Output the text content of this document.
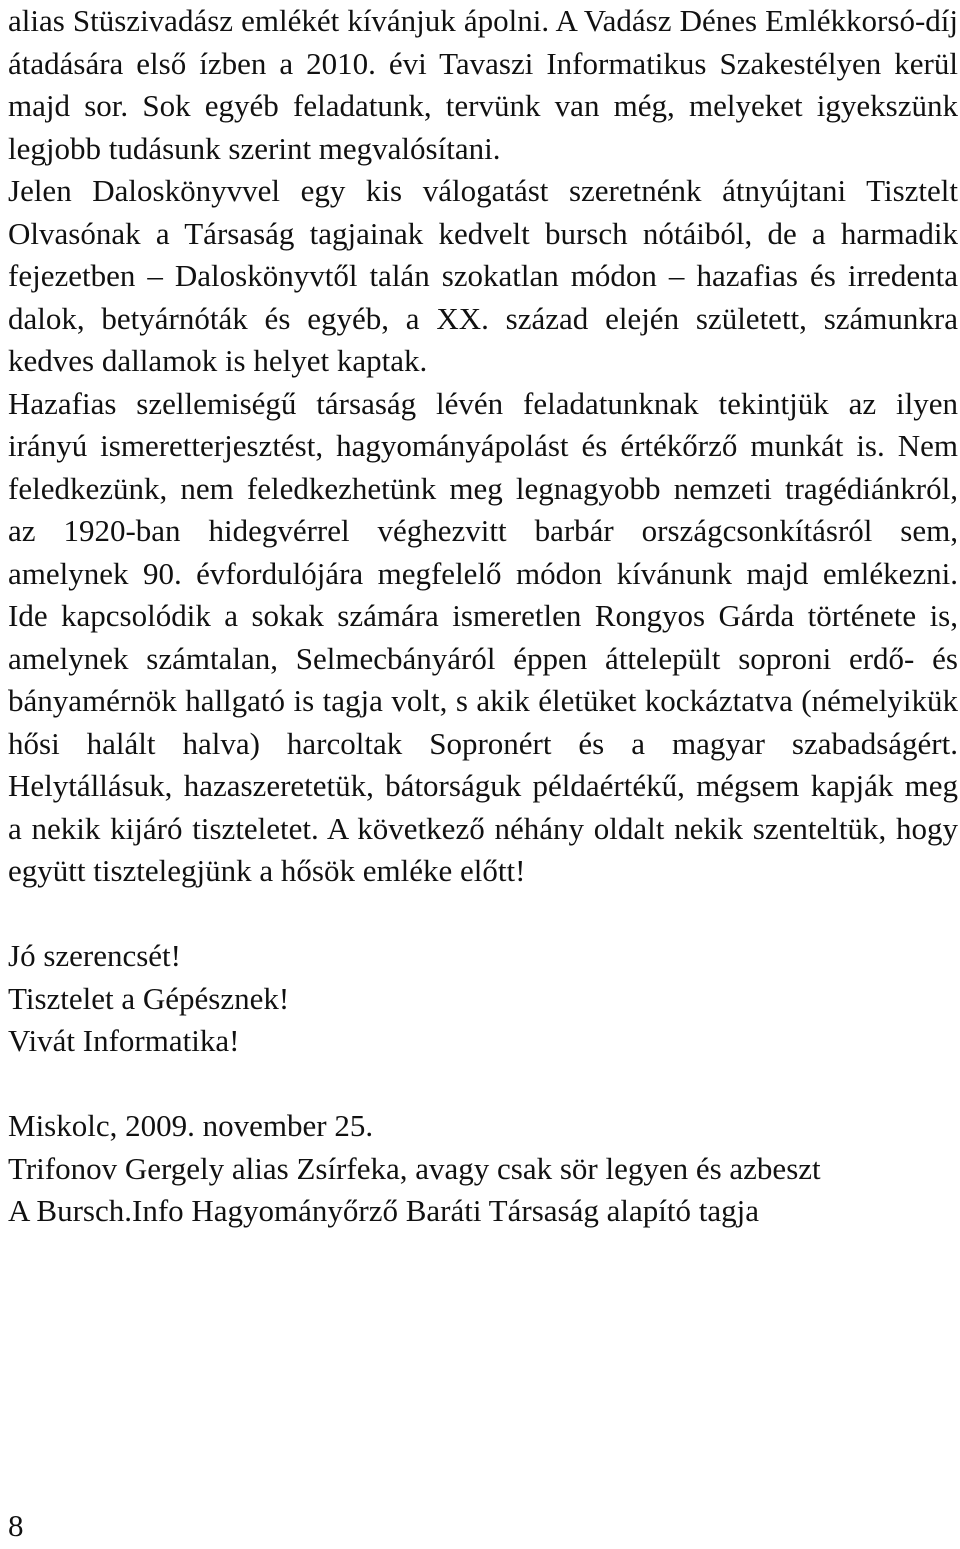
alias Stüszivadász emlékét kívánjuk ápolni. A Vadász Dénes Emlékkorsó-díj átadására első ízben a 2010. évi Tavaszi Informatikus Szakestélyen kerül majd sor. Sok egyéb feladatunk, tervünk van még, melyeket igyekszünk legjobb tudásunk szerint megvalósítani.

Jelen Daloskönyvvel egy kis válogatást szeretnénk átnyújtani Tisztelt Olvasónak a Társaság tagjainak kedvelt bursch nótáiból, de a harmadik fejezetben – Daloskönyvtől talán szokatlan módon – hazafias és irredenta dalok, betyárnóták és egyéb, a XX. század elején született, számunkra kedves dallamok is helyet kaptak.

Hazafias szellemiségű társaság lévén feladatunknak tekintjük az ilyen irányú ismeretterjesztést, hagyományápolást és értékőrző munkát is. Nem feledkezünk, nem feledkezhetünk meg legnagyobb nemzeti tragédiánkról, az 1920-ban hidegvérrel véghezvitt barbár országcsonkításról sem, amelynek 90. évfordulójára megfelelő módon kívánunk majd emlékezni. Ide kapcsolódik a sokak számára ismeretlen Rongyos Gárda története is, amelynek számtalan, Selmecbányáról éppen áttelepült soproni erdő- és bányamérnök hallgató is tagja volt, s akik életüket kockáztatva (némelyikük hősi halált halva) harcoltak Sopronért és a magyar szabadságért. Helytállásuk, hazaszeretetük, bátorságuk példaértékű, mégsem kapják meg a nekik kijáró tiszteletet. A következő néhány oldalt nekik szenteltük, hogy együtt tisztelegjünk a hősök emléke előtt!

Jó szerencsét!

Tisztelet a Gépésznek!

Vivát Informatika!

Miskolc, 2009. november 25.

Trifonov Gergely alias Zsírfeka, avagy csak sör legyen és azbeszt

A Bursch.Info Hagyományőrző Baráti Társaság alapító tagja

8
